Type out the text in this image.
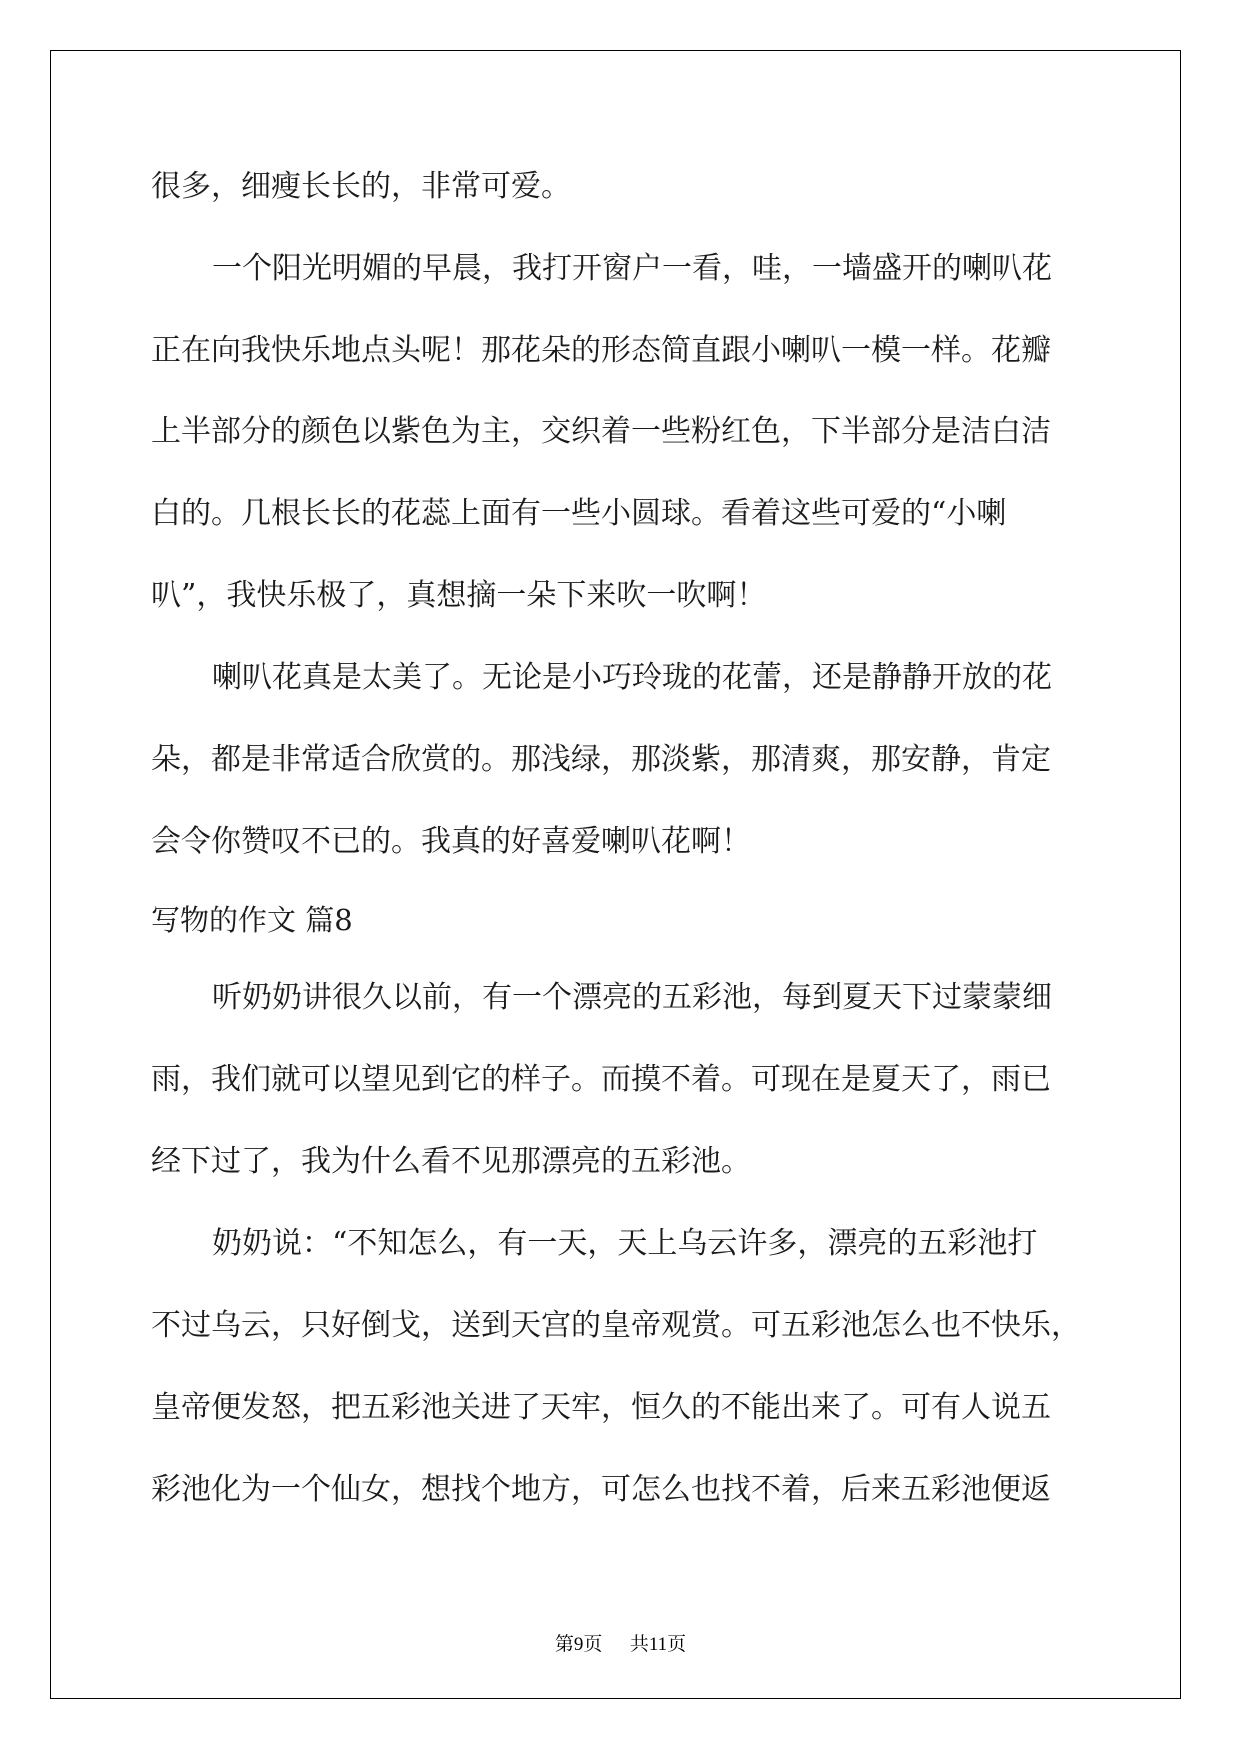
很多，细瘦长长的，非常可爱。
一个阳光明媚的早晨，我打开窗户一看，哇，一墙盛开的喇叭花
正在向我快乐地点头呢！那花朵的形态简直跟小喇叭一模一样。花瓣
上半部分的颜色以紫色为主，交织着一些粉红色，下半部分是洁白洁
白的。几根长长的花蕊上面有一些小圆球。看着这些可爱的“小喇
叭”，我快乐极了，真想摘一朵下来吹一吹啊！
喇叭花真是太美了。无论是小巧玲珑的花蕾，还是静静开放的花
朵，都是非常适合欣赏的。那浅绿，那淡紫，那清爽，那安静，肯定
会令你赞叹不已的。我真的好喜爱喇叭花啊！
写物的作文 篇8
听奶奶讲很久以前，有一个漂亮的五彩池，每到夏天下过蒙蒙细
雨，我们就可以望见到它的样子。而摸不着。可现在是夏天了，雨已
经下过了，我为什么看不见那漂亮的五彩池。
奶奶说：“不知怎么，有一天，天上乌云许多，漂亮的五彩池打
不过乌云，只好倒戈，送到天宫的皇帝观赏。可五彩池怎么也不快乐，
皇帝便发怒，把五彩池关进了天牢，恒久的不能出来了。可有人说五
彩池化为一个仙女，想找个地方，可怎么也找不着，后来五彩池便返
第9页 共11页
